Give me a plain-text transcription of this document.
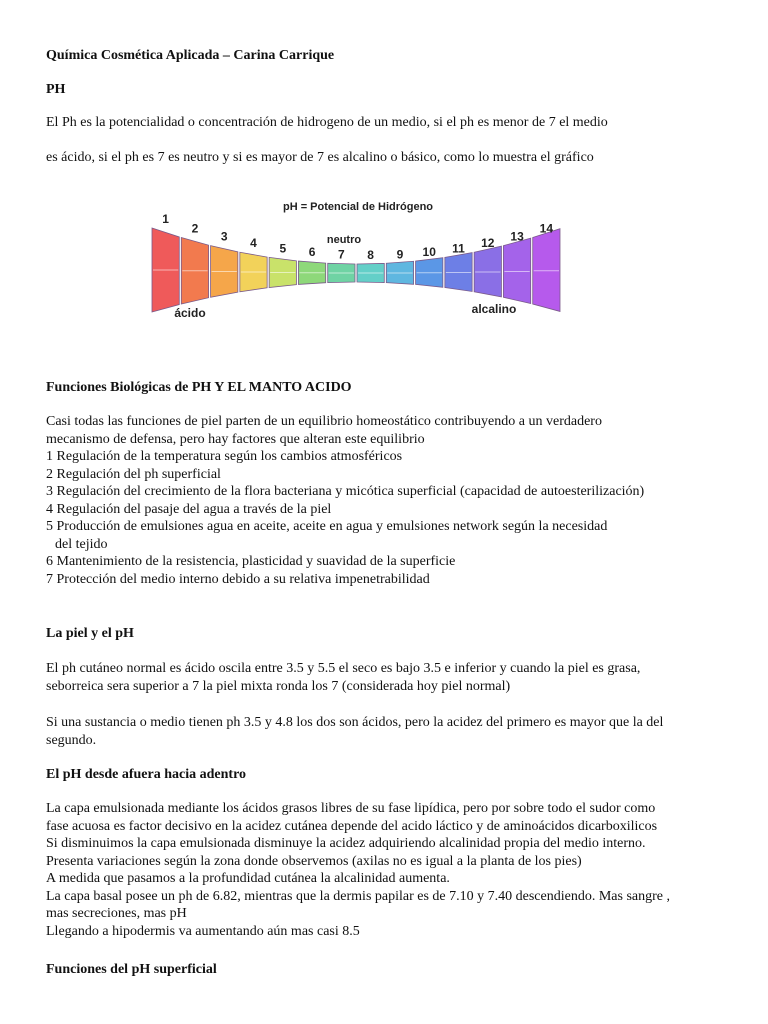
Química Cosmética Aplicada – Carina Carrique
PH
El Ph es la potencialidad o concentración de hidrogeno de un medio, si el ph es menor de 7 el medio
es ácido, si el ph es 7 es neutro y si es mayor de 7 es alcalino o básico, como lo muestra el gráfico
pH = Potencial de Hidrógeno
1
2
3 4 5 6 7 8 9 10 11 12 13
14
neutro
ácido	alcalino
Funciones Biológicas de PH Y EL MANTO ACIDO
Casi todas las funciones de piel parten de un equilibrio homeostático contribuyendo a un verdadero
mecanismo de defensa, pero hay factores que alteran este equilibrio
1 Regulación de la temperatura según los cambios atmosféricos
2 Regulación del ph superficial
3 Regulación del crecimiento de la flora bacteriana y micótica superficial (capacidad de autoesterilización)
4 Regulación del pasaje del agua a través de la piel
5 Producción de emulsiones agua en aceite, aceite en agua y emulsiones network según la necesidad
del tejido
6 Mantenimiento de la resistencia, plasticidad y suavidad de la superficie
7 Protección del medio interno debido a su relativa impenetrabilidad
La piel y el pH
El ph cutáneo normal es ácido oscila entre 3.5 y 5.5 el seco es bajo 3.5 e inferior y cuando la piel es grasa,
seborreica sera superior a 7 la piel mixta ronda los 7 (considerada hoy piel normal)
Si una sustancia o medio tienen ph 3.5 y 4.8 los dos son ácidos, pero la acidez del primero es mayor que la del
segundo.
El pH desde afuera hacia adentro
La capa emulsionada mediante los ácidos grasos libres de su fase lipídica, pero por sobre todo el sudor como
fase acuosa es factor decisivo en la acidez cutánea depende del acido láctico y de aminoácidos dicarboxilicos
Si disminuimos la capa emulsionada disminuye la acidez adquiriendo alcalinidad propia del medio interno.
Presenta variaciones según la zona donde observemos (axilas no es igual a la planta de los pies)
A medida que pasamos a la profundidad cutánea la alcalinidad aumenta.
La capa basal posee un ph de 6.82, mientras que la dermis papilar es de 7.10 y 7.40 descendiendo. Mas sangre ,
mas secreciones, mas pH
Llegando a hipodermis va aumentando aún mas casi 8.5
Funciones del pH superficial
